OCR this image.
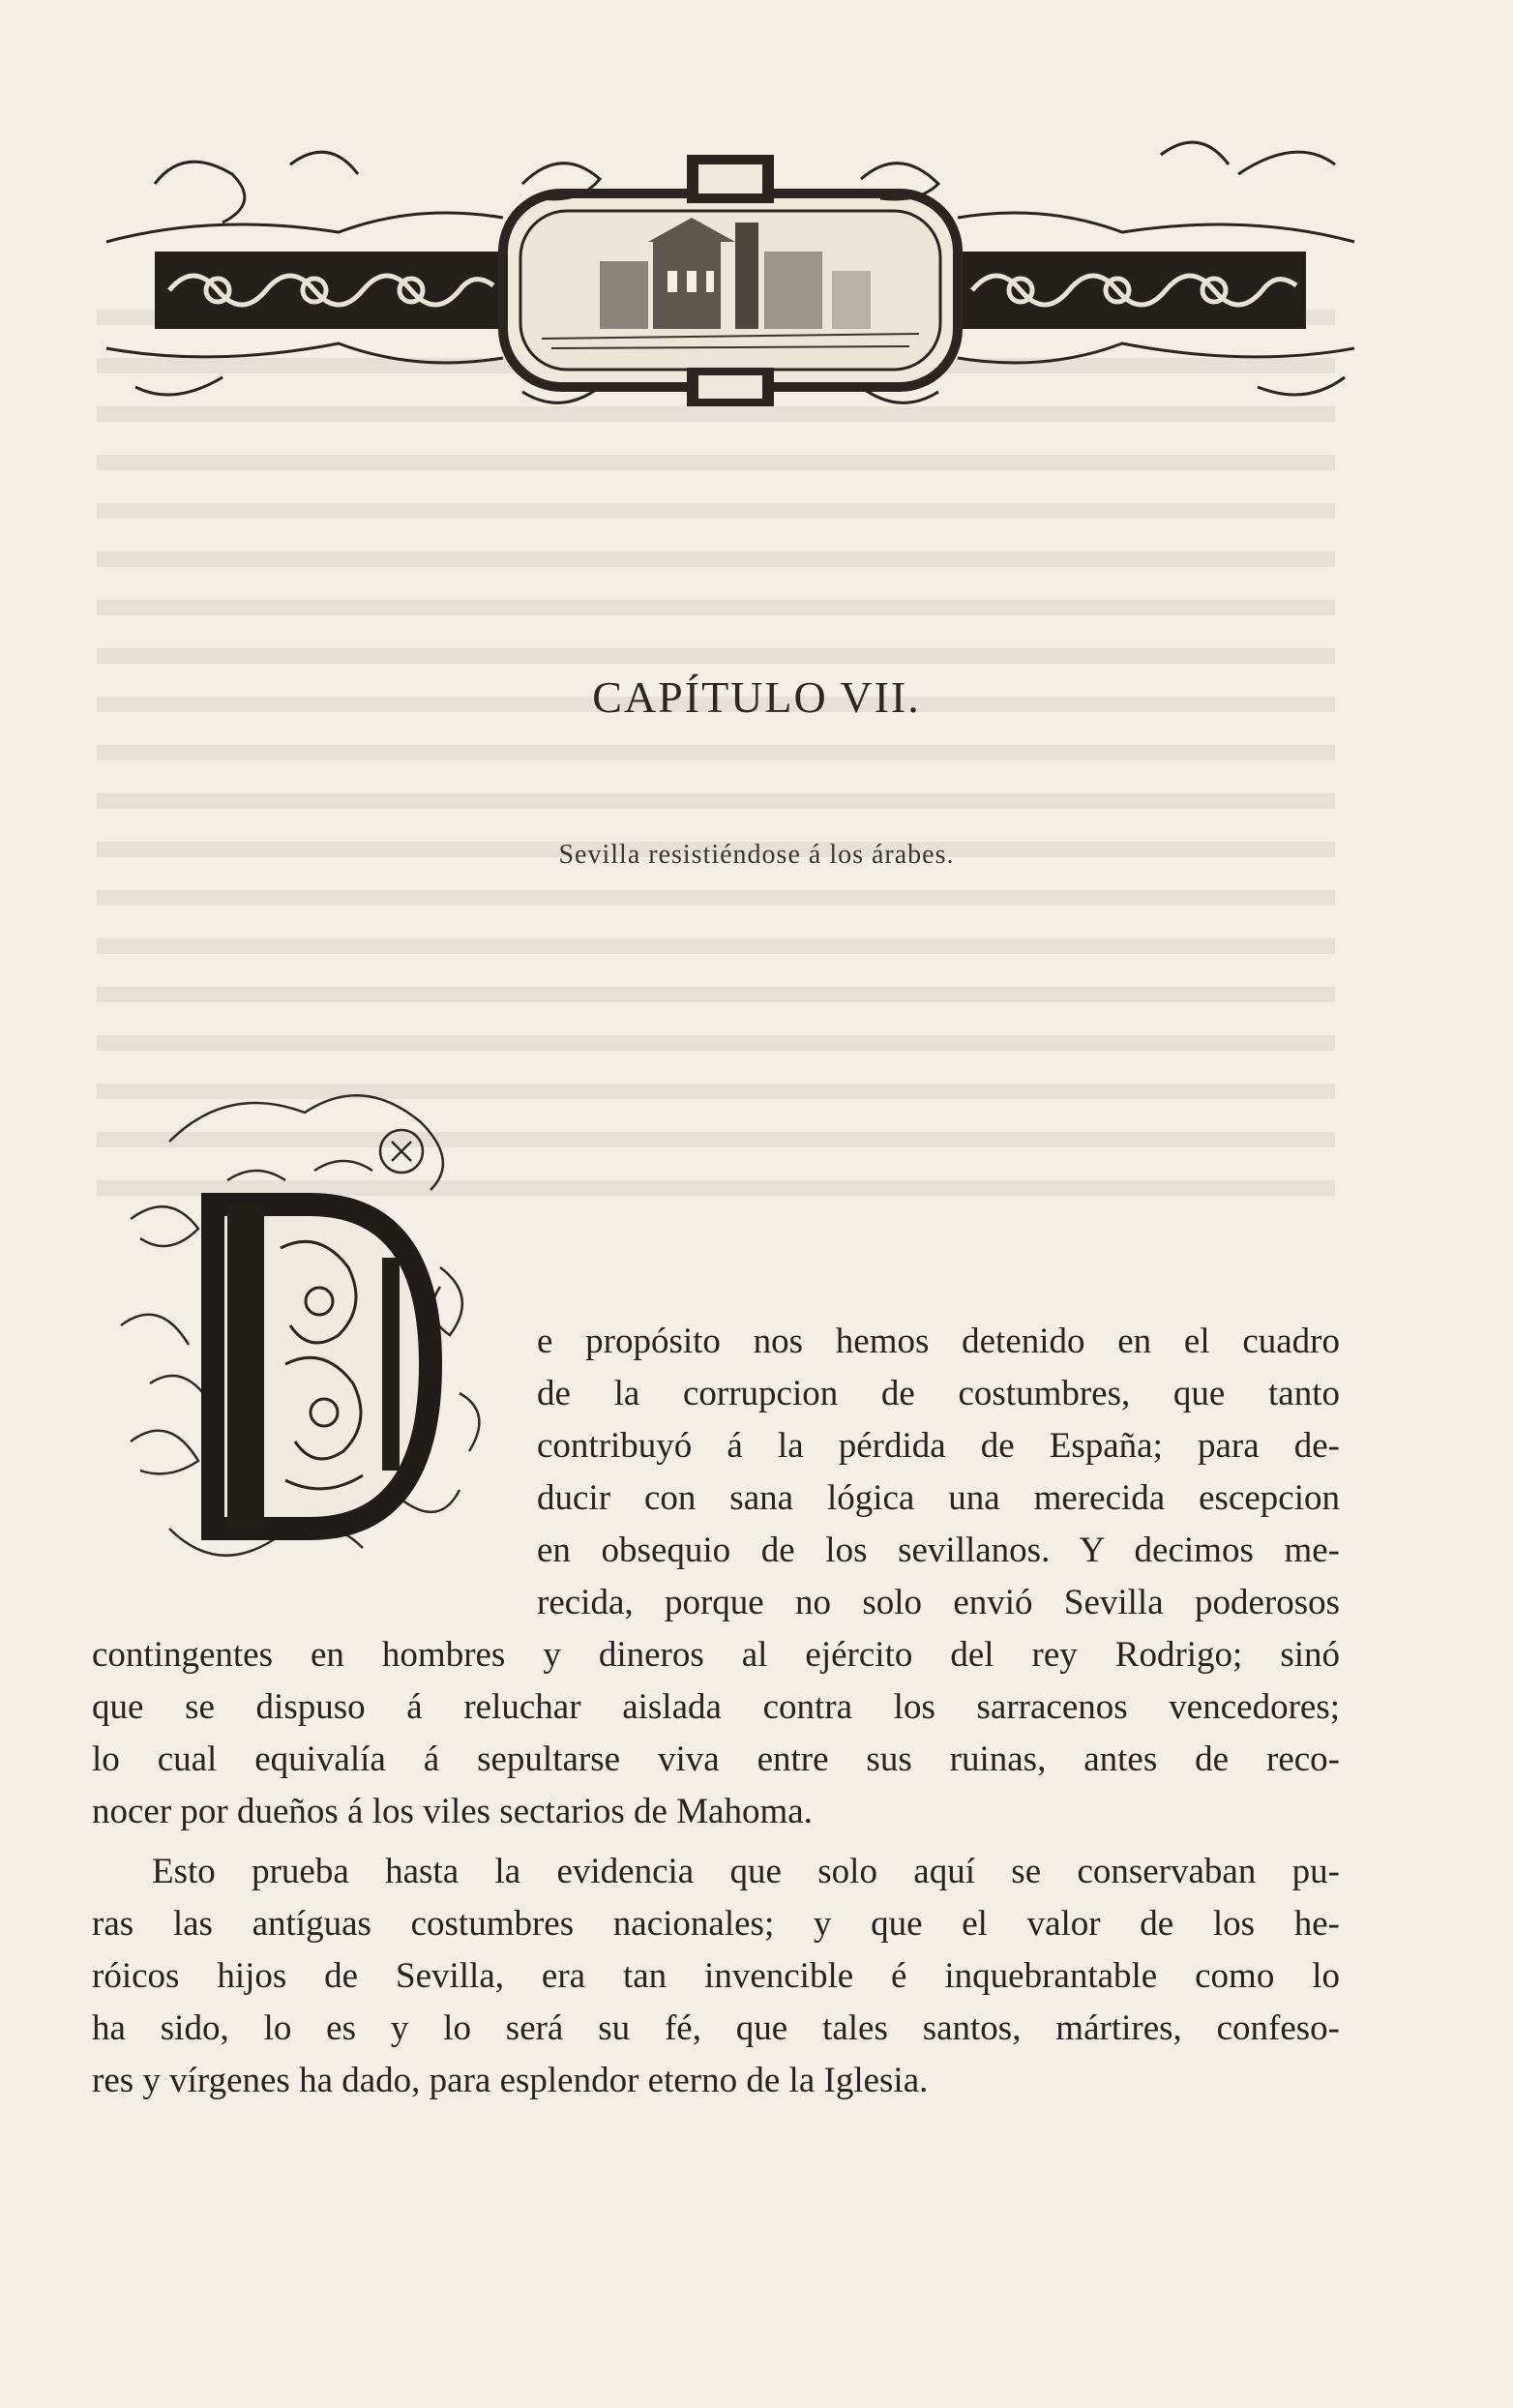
CAPÍTULO VII.
Sevilla resistiéndose á los árabes.
e propósito nos hemos detenido en el cuadro
de la corrupcion de costumbres, que tanto
contribuyó á la pérdida de España; para de-
ducir con sana lógica una merecida escepcion
en obsequio de los sevillanos. Y decimos me-
recida, porque no solo envió Sevilla poderosos
contingentes en hombres y dineros al ejército del rey Rodrigo; sinó
que se dispuso á reluchar aislada contra los sarracenos vencedores;
lo cual equivalía á sepultarse viva entre sus ruinas, antes de reco-
nocer por dueños á los viles sectarios de Mahoma.
Esto prueba hasta la evidencia que solo aquí se conservaban pu-
ras las antíguas costumbres nacionales; y que el valor de los he-
róicos hijos de Sevilla, era tan invencible é inquebrantable como lo
ha sido, lo es y lo será su fé, que tales santos, mártires, confeso-
res y vírgenes ha dado, para esplendor eterno de la Iglesia.
